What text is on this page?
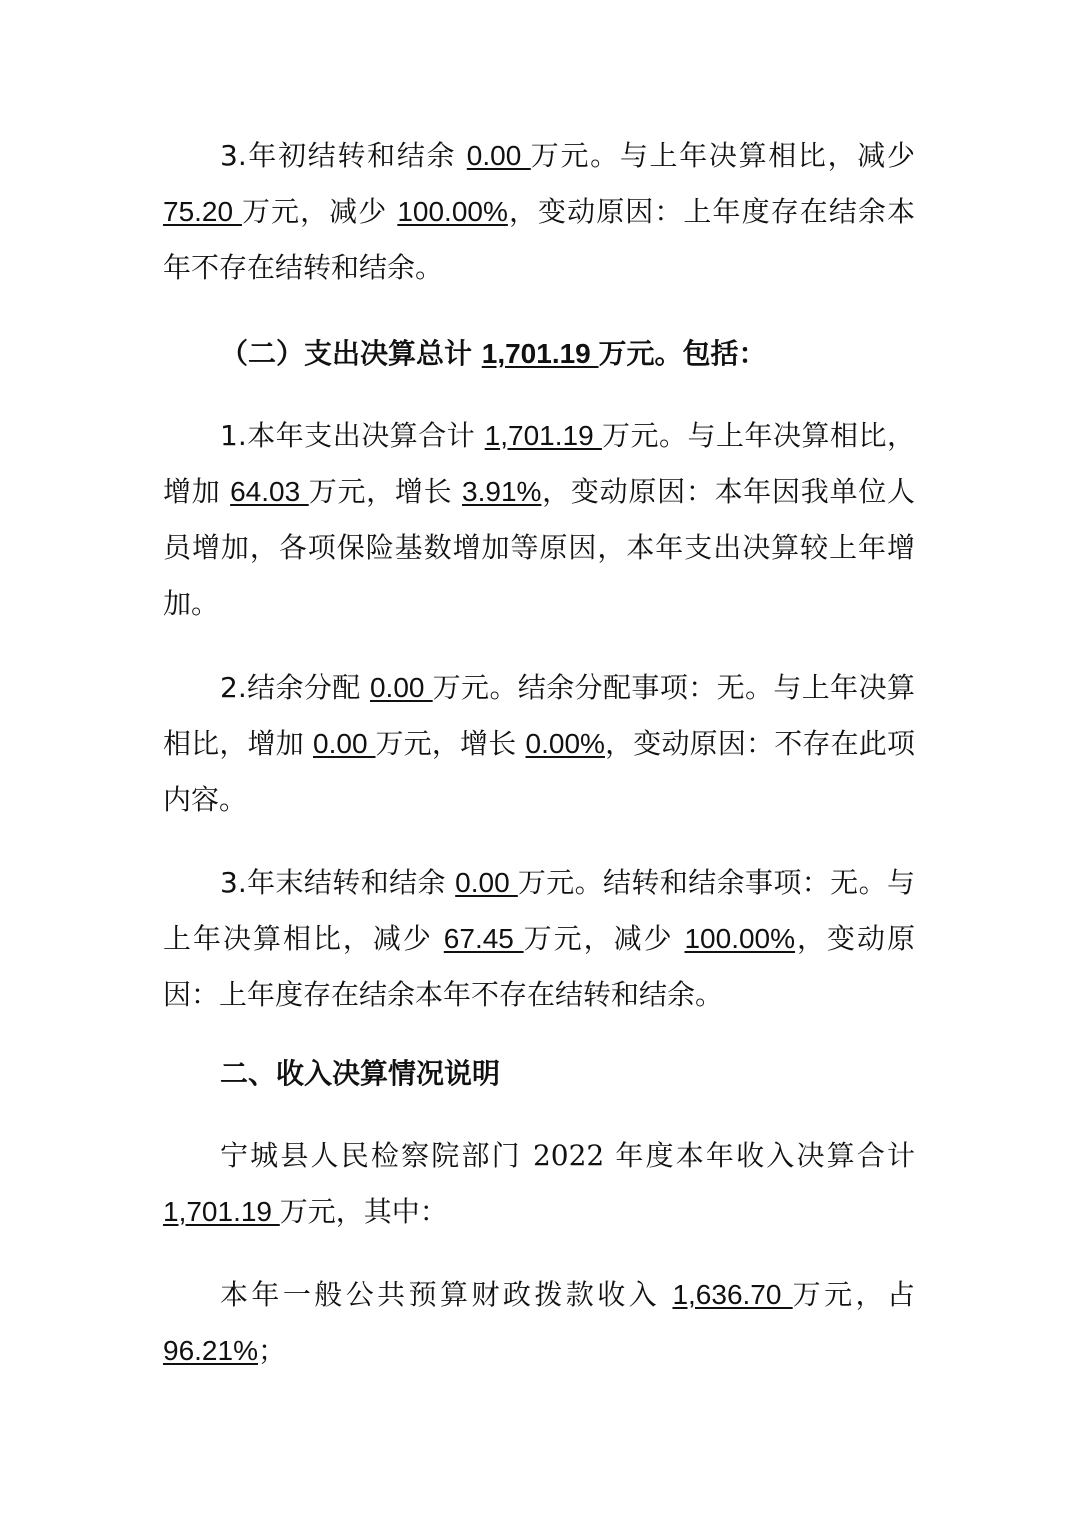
3.年初结转和结余 0.00 万元。与上年决算相比，减少 75.20 万元，减少 100.00%，变动原因：上年度存在结余本年不存在结转和结余。

（二）支出决算总计 1,701.19 万元。包括：

1.本年支出决算合计 1,701.19 万元。与上年决算相比，增加 64.03 万元，增长 3.91%，变动原因：本年因我单位人员增加，各项保险基数增加等原因，本年支出决算较上年增加。

2.结余分配 0.00 万元。结余分配事项：无。与上年决算相比，增加 0.00 万元，增长 0.00%，变动原因：不存在此项内容。

3.年末结转和结余 0.00 万元。结转和结余事项：无。与上年决算相比，减少 67.45 万元，减少 100.00%，变动原因：上年度存在结余本年不存在结转和结余。

二、收入决算情况说明

宁城县人民检察院部门 2022 年度本年收入决算合计 1,701.19 万元，其中：

本年一般公共预算财政拨款收入 1,636.70 万元，占 96.21%；
